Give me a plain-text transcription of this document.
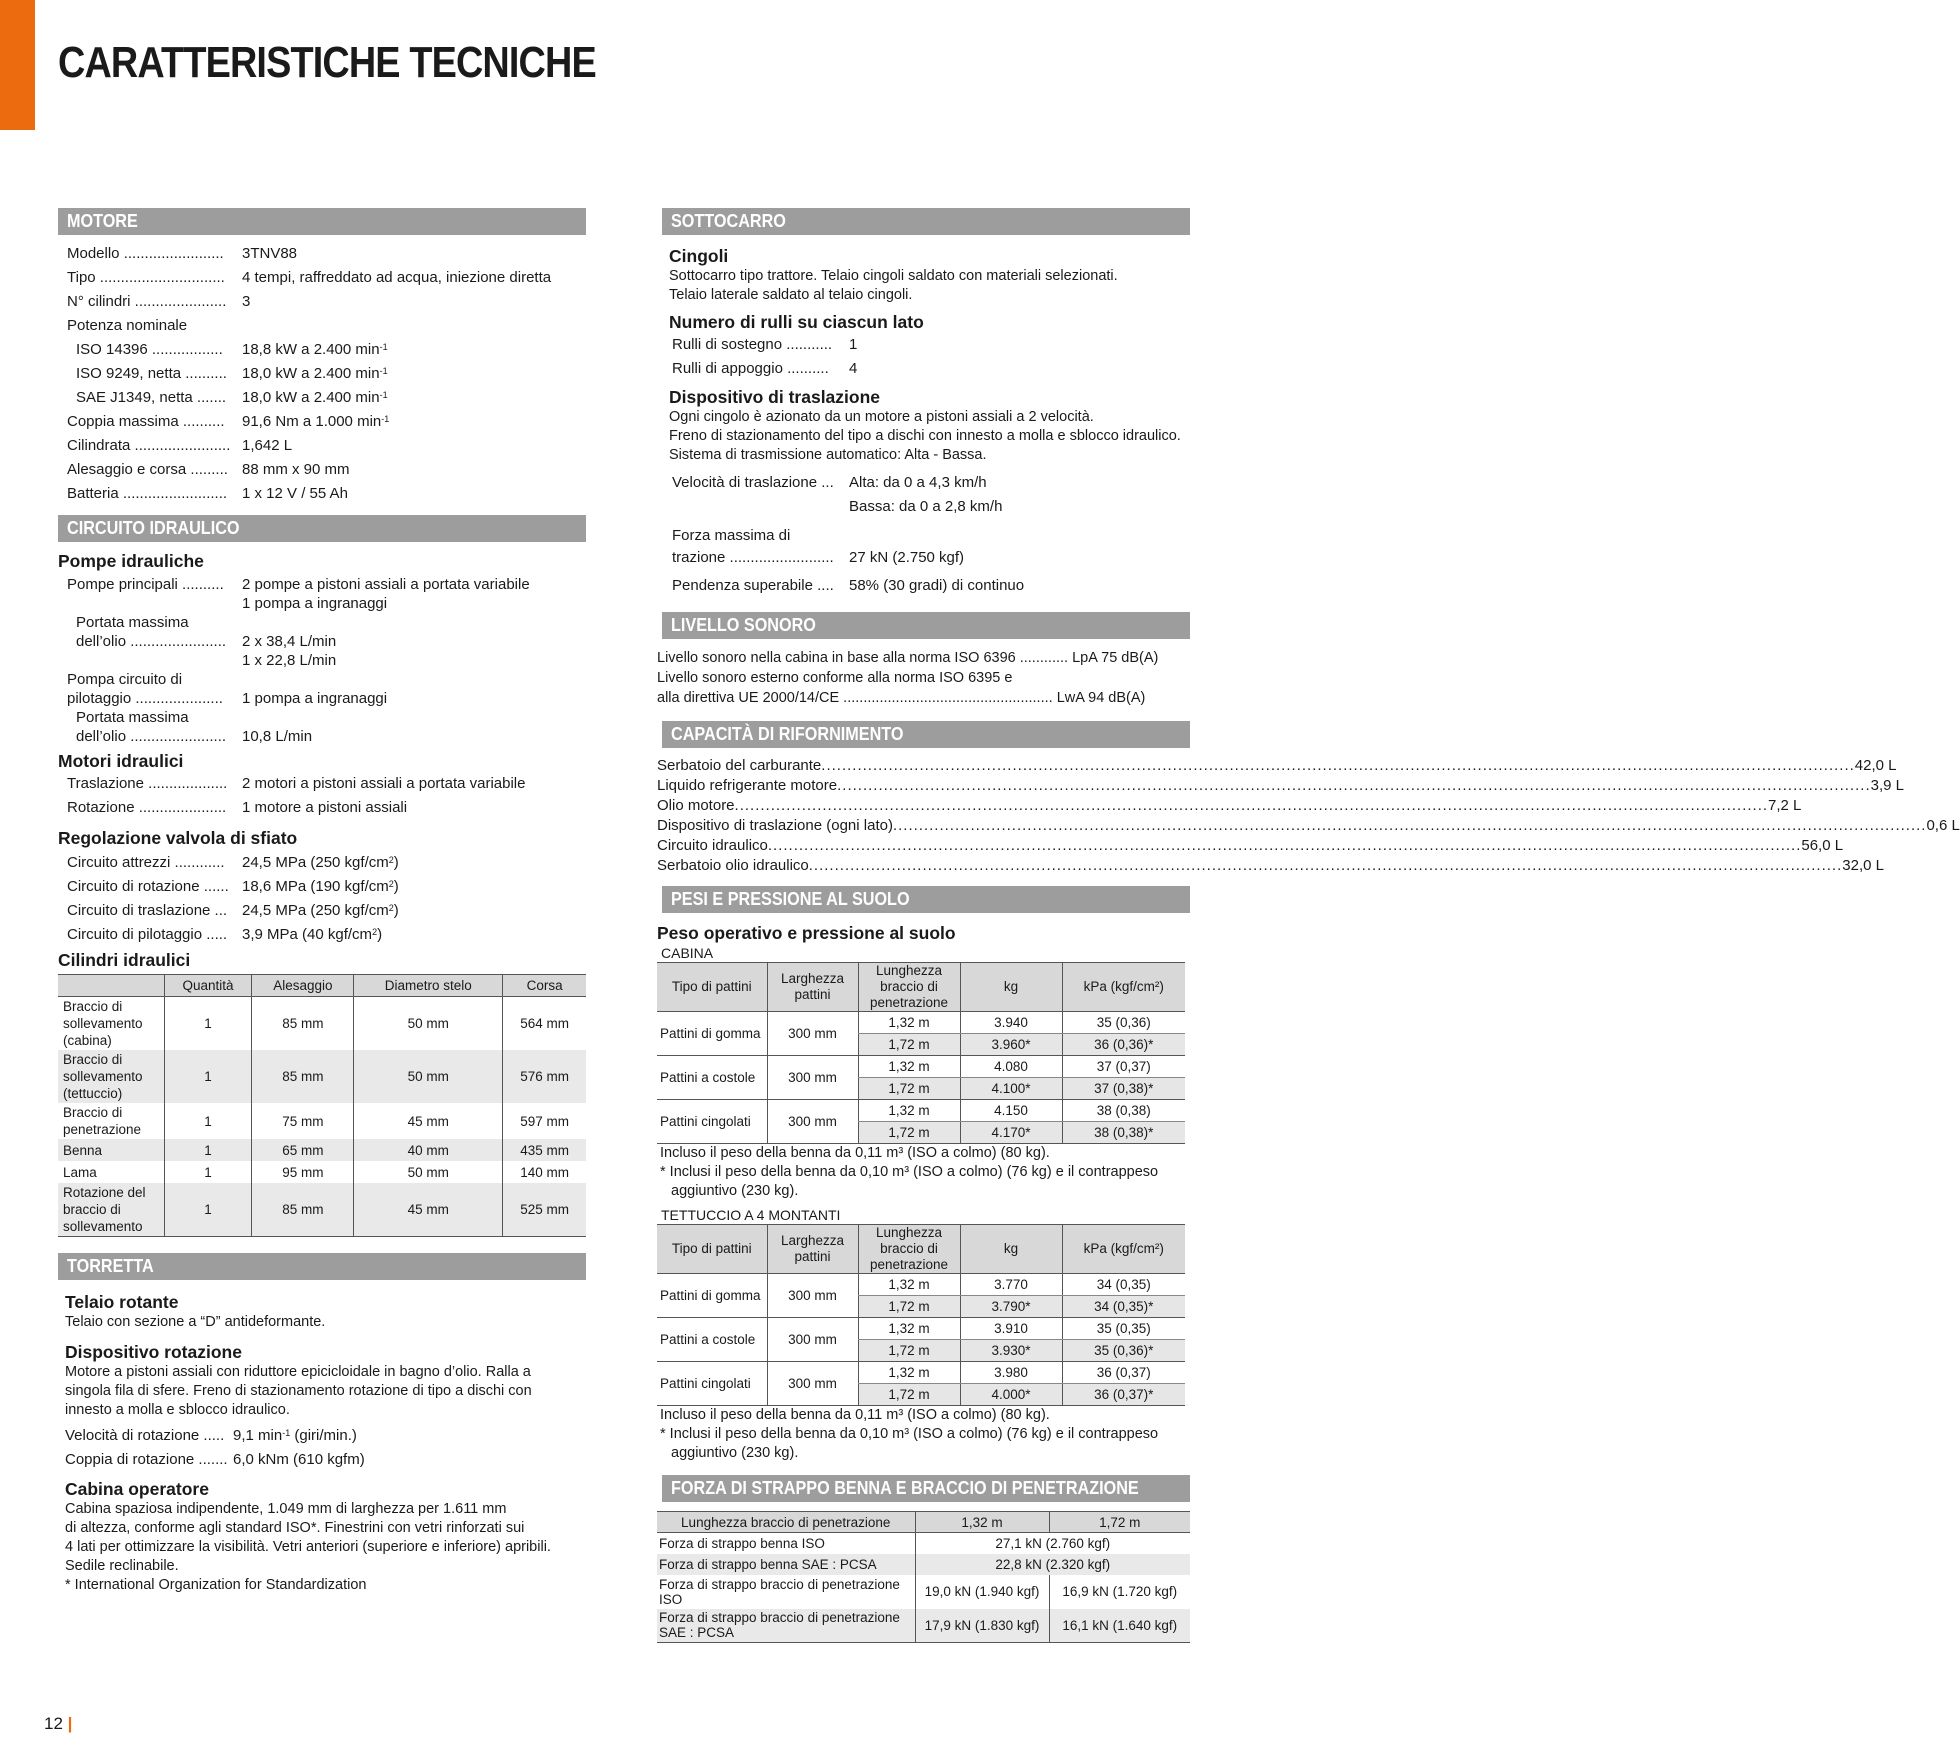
CARATTERISTICHE TECNICHE
MOTORE
Modello ........................	3TNV88
Tipo ..............................	4 tempi, raffreddato ad acqua, iniezione diretta
N° cilindri ......................	3
Potenza nominale
ISO 14396 .................	18,8 kW a 2.400 $\min^{-1}$
ISO 9249, netta ..........	18,0 kW a 2.400 $\min^{-1}$
SAE J1349, netta .......	18,0 kW a 2.400 $\min^{-1}$
Coppia massima ..........	91,6 Nm a 1.000 $\min^{-1}$
Cilindrata ....................... 1,642 L
Alesaggio e corsa ......... 88 mm x 90 mm
Batteria ......................... 1 x 12 V / 55 Ah
CIRCUITO IDRAULICO
Pompe idrauliche
Pompe principali ..........	2 pompe a pistoni assiali a portata variabile
1 pompa a ingranaggi
Portata massima
dell’olio .......................	2 x 38,4 L/min
1 x 22,8 L/min
Pompa circuito di
pilotaggio .....................	1 pompa a ingranaggi
Portata massima
dell’olio .......................	10,8 L/min
Motori idraulici
Traslazione ................... 2 motori a pistoni assiali a portata variabile
Rotazione .....................	1 motore a pistoni assiali
Regolazione valvola di sfiato
Circuito attrezzi ............	24,5 MPa (250 kgf/$cm^2$)
Circuito di rotazione ...... 18,6 MPa (190 kgf/$cm^2$)
Circuito di traslazione ... 24,5 MPa (250 kgf/$cm^2$)
Circuito di pilotaggio ..... 3,9 MPa (40 kgf/$cm^2$)
Cilindri idraulici
	Quantità	Alesaggio	Diametro stelo	Corsa
Braccio di sollevamento (cabina)	1	85 mm	50 mm	564 mm
Braccio di sollevamento (tettuccio)	1	85 mm	50 mm	576 mm
Braccio di penetrazione	1	75 mm	45 mm	597 mm
Benna	1	65 mm	40 mm	435 mm
Lama	1	95 mm	50 mm	140 mm
Rotazione del braccio di sollevamento	1	85 mm	45 mm	525 mm
TORRETTA
Telaio rotante
Telaio con sezione a “D” antideformante.
Dispositivo rotazione
Motore a pistoni assiali con riduttore epicicloidale in bagno d’olio. Ralla a
singola fila di sfere. Freno di stazionamento rotazione di tipo a dischi con
innesto a molla e sblocco idraulico.
Velocità di rotazione ..... 9,1 $\min^{-1}$ (giri/min.)
Coppia di rotazione ....... 6,0 kNm (610 kgfm)
Cabina operatore
Cabina spaziosa indipendente, 1.049 mm di larghezza per 1.611 mm
di altezza, conforme agli standard ISO*. Finestrini con vetri rinforzati sui
4 lati per ottimizzare la visibilità. Vetri anteriori (superiore e inferiore) apribili.
Sedile reclinabile.
* International Organization for Standardization
SOTTOCARRO
Cingoli
Sottocarro tipo trattore. Telaio cingoli saldato con materiali selezionati.
Telaio laterale saldato al telaio cingoli.
Numero di rulli su ciascun lato
Rulli di sostegno ...........	1
Rulli di appoggio ..........	4
Dispositivo di traslazione
Ogni cingolo è azionato da un motore a pistoni assiali a 2 velocità.
Freno di stazionamento del tipo a dischi con innesto a molla e sblocco idraulico.
Sistema di trasmissione automatico: Alta - Bassa.
Velocità di traslazione ...	Alta: da 0 a 4,3 km/h
Bassa: da 0 a 2,8 km/h
Forza massima di
trazione .........................	27 kN (2.750 kgf)
Pendenza superabile ....	58% (30 gradi) di continuo
LIVELLO SONORO
Livello sonoro nella cabina in base alla norma ISO 6396 ............ LpA 75 dB(A)
Livello sonoro esterno conforme alla norma ISO 6395 e
alla direttiva UE 2000/14/CE .................................................... LwA 94 dB(A)
CAPACITÀ DI RIFORNIMENTO
Serbatoio del carburante ........................................................................................................................................................................................................ 42,0 L
Liquido refrigerante motore ........................................................................................................................................................................................................ 3,9 L
Olio motore ........................................................................................................................................................................................................ 7,2 L
Dispositivo di traslazione (ogni lato) ........................................................................................................................................................................................................ 0,6 L
Circuito idraulico ........................................................................................................................................................................................................ 56,0 L
Serbatoio olio idraulico ........................................................................................................................................................................................................ 32,0 L
PESI E PRESSIONE AL SUOLO
Peso operativo e pressione al suolo
CABINA
Tipo di pattini	Larghezza pattini	Lunghezza braccio di penetrazione	kg	kPa (kgf/cm²)
Pattini di gomma	300 mm	1,32 m	3.940	35 (0,36)
		1,72 m	3.960*	36 (0,36)*
Pattini a costole	300 mm	1,32 m	4.080	37 (0,37)
		1,72 m	4.100*	37 (0,38)*
Pattini cingolati	300 mm	1,32 m	4.150	38 (0,38)
		1,72 m	4.170*	38 (0,38)*
Incluso il peso della benna da 0,11 m³ (ISO a colmo) (80 kg).
* Inclusi il peso della benna da 0,10 m³ (ISO a colmo) (76 kg) e il contrappeso
aggiuntivo (230 kg).
TETTUCCIO A 4 MONTANTI
Tipo di pattini	Larghezza pattini	Lunghezza braccio di penetrazione	kg	kPa (kgf/cm²)
Pattini di gomma	300 mm	1,32 m	3.770	34 (0,35)
		1,72 m	3.790*	34 (0,35)*
Pattini a costole	300 mm	1,32 m	3.910	35 (0,35)
		1,72 m	3.930*	35 (0,36)*
Pattini cingolati	300 mm	1,32 m	3.980	36 (0,37)
		1,72 m	4.000*	36 (0,37)*
Incluso il peso della benna da 0,11 m³ (ISO a colmo) (80 kg).
* Inclusi il peso della benna da 0,10 m³ (ISO a colmo) (76 kg) e il contrappeso
aggiuntivo (230 kg).
FORZA DI STRAPPO BENNA E BRACCIO DI PENETRAZIONE
Lunghezza braccio di penetrazione	1,32 m	1,72 m
Forza di strappo benna ISO	27,1 kN (2.760 kgf)	
Forza di strappo benna SAE : PCSA	22,8 kN (2.320 kgf)	
Forza di strappo braccio di penetrazione ISO	19,0 kN (1.940 kgf)	16,9 kN (1.720 kgf)
Forza di strappo braccio di penetrazione SAE : PCSA	17,9 kN (1.830 kgf)	16,1 kN (1.640 kgf)
12 |
